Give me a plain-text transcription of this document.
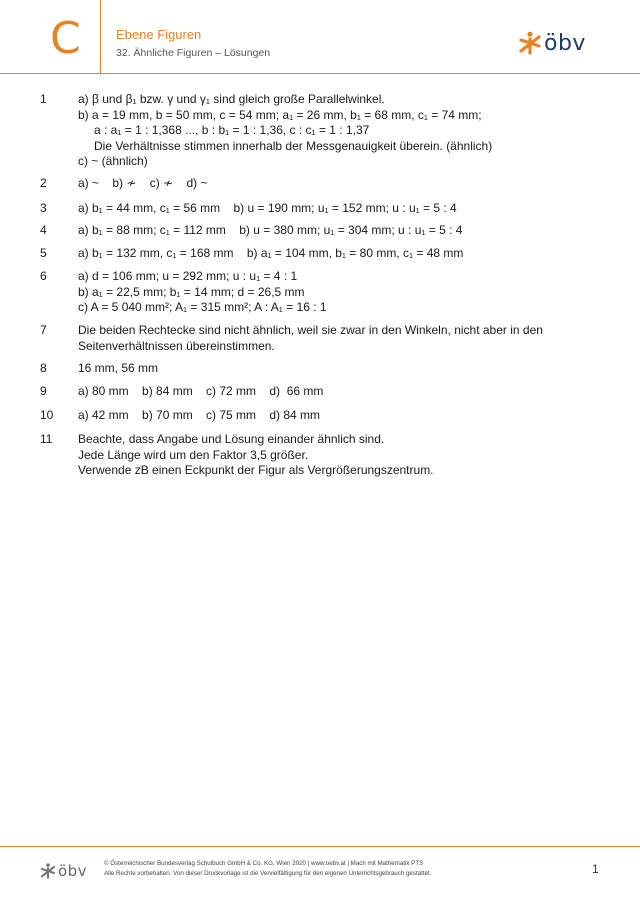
C	Ebene Figuren
32. Ähnliche Figuren – Lösungen	öbv
1	a) β und β₁ bzw. γ und γ₁ sind gleich große Parallelwinkel.
b) a = 19 mm, b = 50 mm, c = 54 mm; a₁ = 26 mm, b₁ = 68 mm, c₁ = 74 mm;
a : a₁ = 1 : 1,368 ..., b : b₁ = 1 : 1,36, c : c₁ = 1 : 1,37
Die Verhältnisse stimmen innerhalb der Messgenauigkeit überein. (ähnlich)
c) ~ (ähnlich)
2	a) ~    b) ≁    c) ≁    d) ~
3	a) b₁ = 44 mm, c₁ = 56 mm    b) u = 190 mm; u₁ = 152 mm; u : u₁ = 5 : 4
4	a) b₁ = 88 mm; c₁ = 112 mm    b) u = 380 mm; u₁ = 304 mm; u : u₁ = 5 : 4
5	a) b₁ = 132 mm, c₁ = 168 mm    b) a₁ = 104 mm, b₁ = 80 mm, c₁ = 48 mm
6	a) d = 106 mm; u = 292 mm; u : u₁ = 4 : 1
b) a₁ = 22,5 mm; b₁ = 14 mm; d = 26,5 mm
c) A = 5 040 mm²; A₁ = 315 mm²; A : A₁ = 16 : 1
7	Die beiden Rechtecke sind nicht ähnlich, weil sie zwar in den Winkeln, nicht aber in den
Seitenverhältnissen übereinstimmen.
8	16 mm, 56 mm
9	a) 80 mm    b) 84 mm    c) 72 mm    d)  66 mm
10	a) 42 mm    b) 70 mm    c) 75 mm    d) 84 mm
11	Beachte, dass Angabe und Lösung einander ähnlich sind.
Jede Länge wird um den Faktor 3,5 größer.
Verwende zB einen Eckpunkt der Figur als Vergrößerungszentrum.
öbv	© Österreichischer Bundesverlag Schulbuch GmbH & Co. KG, Wien 2020 | www.oebv.at | Mach mit Mathematik PTS
Alle Rechte vorbehalten. Von dieser Druckvorlage ist die Vervielfältigung für den eigenen Unterrichtsgebrauch gestattet.	1
